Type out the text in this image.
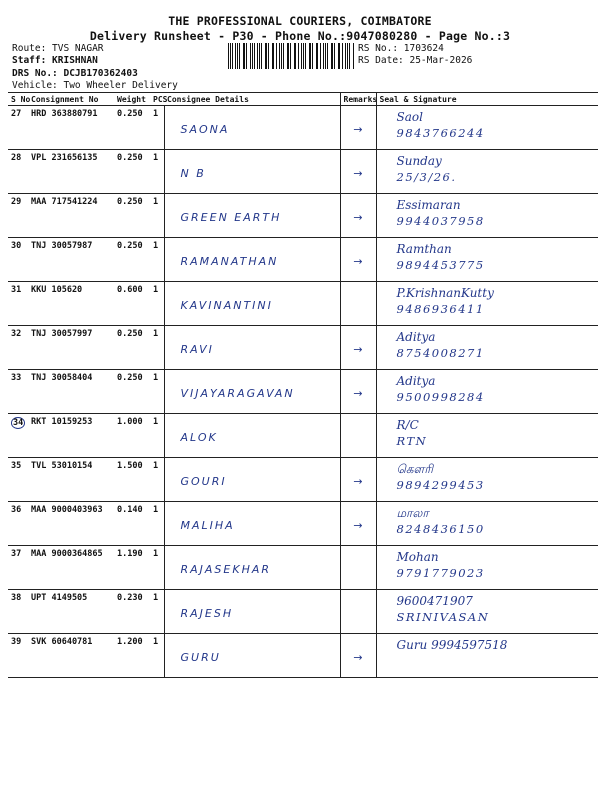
THE PROFESSIONAL COURIERS, COIMBATORE
Delivery Runsheet - P30 - Phone No.:9047080280 - Page No.:3
Route: TVS NAGAR
Staff: KRISHNAN
DRS No.: DCJB170362403
Vehicle: Two Wheeler Delivery
RS No.: 1703624
RS Date: 25-Mar-2026
S No	Consignment No	Weight	PCS	Consignee Details	Remarks	Seal & Signature
27	HRD 363880791	0.250	1	SAONA	→	Saol
9843766244

28	VPL 231656135	0.250	1	N B	→	Sunday
25/3/26.

29	MAA 717541224	0.250	1	GREEN EARTH	→	Essimaran
9944037958

30	TNJ 30057987	0.250	1	RAMANATHAN	→	Ramthan
9894453775

31	KKU 105620	0.600	1	KAVINANTINI		P.KrishnanKutty
9486936411

32	TNJ 30057997	0.250	1	RAVI	→	Aditya
8754008271

33	TNJ 30058404	0.250	1	VIJAYARAGAVAN	→	Aditya
9500998284

34	RKT 10159253	1.000	1	ALOK		R/C
RTN

35	TVL 53010154	1.500	1	GOURI	→	கௌரி
9894299453

36	MAA 9000403963	0.140	1	MALIHA	→	மாலா
8248436150

37	MAA 9000364865	1.190	1	RAJASEKHAR		Mohan
9791779023

38	UPT 4149505	0.230	1	RAJESH		9600471907
SRINIVASAN

39	SVK 60640781	1.200	1	GURU	→	Guru 9994597518
